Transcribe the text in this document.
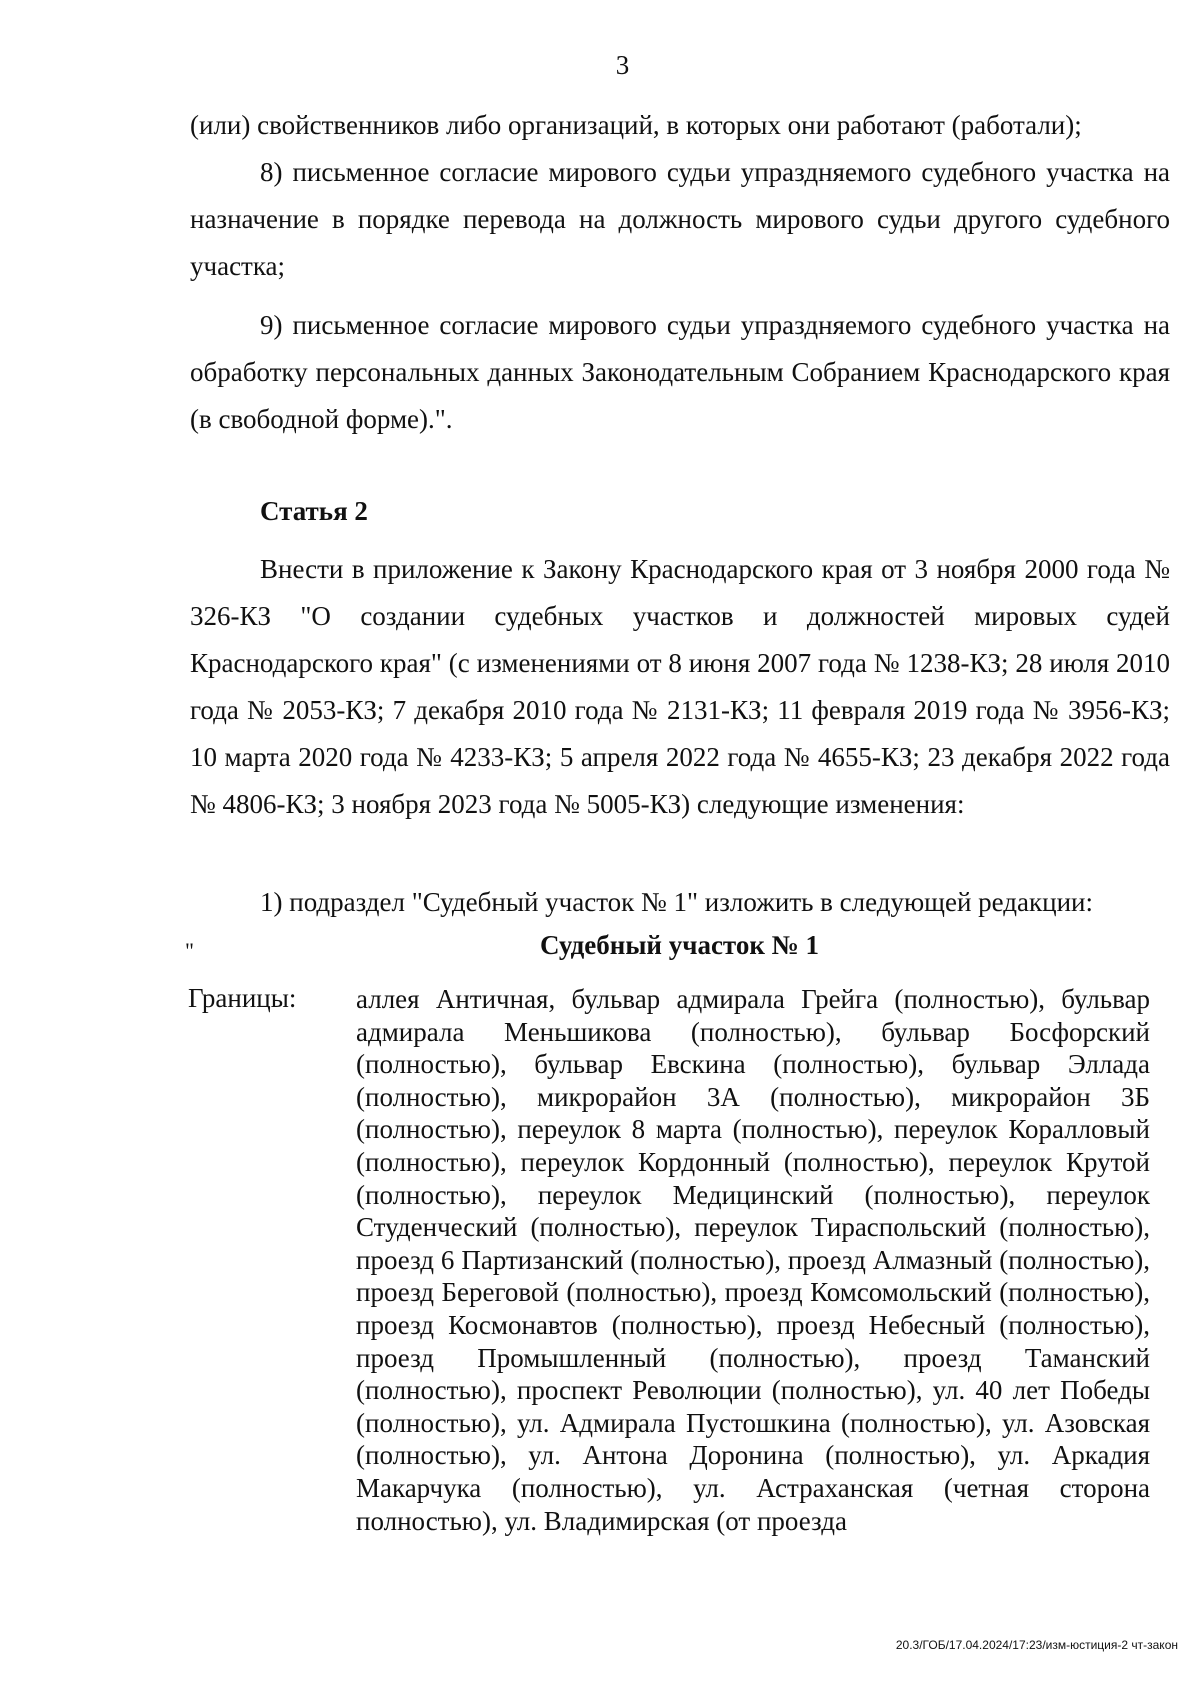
3

(или) свойственников либо организаций, в которых они работают (работали);

8) письменное согласие мирового судьи упраздняемого судебного участка на назначение в порядке перевода на должность мирового судьи другого судебного участка;

9) письменное согласие мирового судьи упраздняемого судебного участка на обработку персональных данных Законодательным Собранием Краснодарского края (в свободной форме).".

Статья 2

Внести в приложение к Закону Краснодарского края от 3 ноября 2000 года № 326-КЗ "О создании судебных участков и должностей мировых судей Краснодарского края" (с изменениями от 8 июня 2007 года № 1238-КЗ; 28 июля 2010 года № 2053-КЗ; 7 декабря 2010 года № 2131-КЗ; 11 февраля 2019 года № 3956-КЗ; 10 марта 2020 года № 4233-КЗ; 5 апреля 2022 года № 4655-КЗ; 23 декабря 2022 года № 4806-КЗ; 3 ноября 2023 года № 5005-КЗ) следующие изменения:

1) подраздел "Судебный участок № 1" изложить в следующей редакции:

"	Судебный участок № 1
Границы: аллея Античная, бульвар адмирала Грейга (полностью), бульвар адмирала Меньшикова (полностью), бульвар Босфорский (полностью), бульвар Евскина (полностью), бульвар Эллада (полностью), микрорайон 3А (полностью), микрорайон 3Б (полностью), переулок 8 марта (полностью), переулок Коралловый (полностью), переулок Кордонный (полностью), переулок Крутой (полностью), переулок Медицинский (полностью), переулок Студенческий (полностью), переулок Тираспольский (полностью), проезд 6 Партизанский (полностью), проезд Алмазный (полностью), проезд Береговой (полностью), проезд Комсомольский (полностью), проезд Космонавтов (полностью), проезд Небесный (полностью), проезд Промышленный (полностью), проезд Таманский (полностью), проспект Революции (полностью), ул. 40 лет Победы (полностью), ул. Адмирала Пустошкина (полностью), ул. Азовская (полностью), ул. Антона Доронина (полностью), ул. Аркадия Макарчука (полностью), ул. Астраханская (четная сторона полностью), ул. Владимирская (от проезда
20.3/ГОБ/17.04.2024/17:23/изм-юстиция-2 чт-закон
